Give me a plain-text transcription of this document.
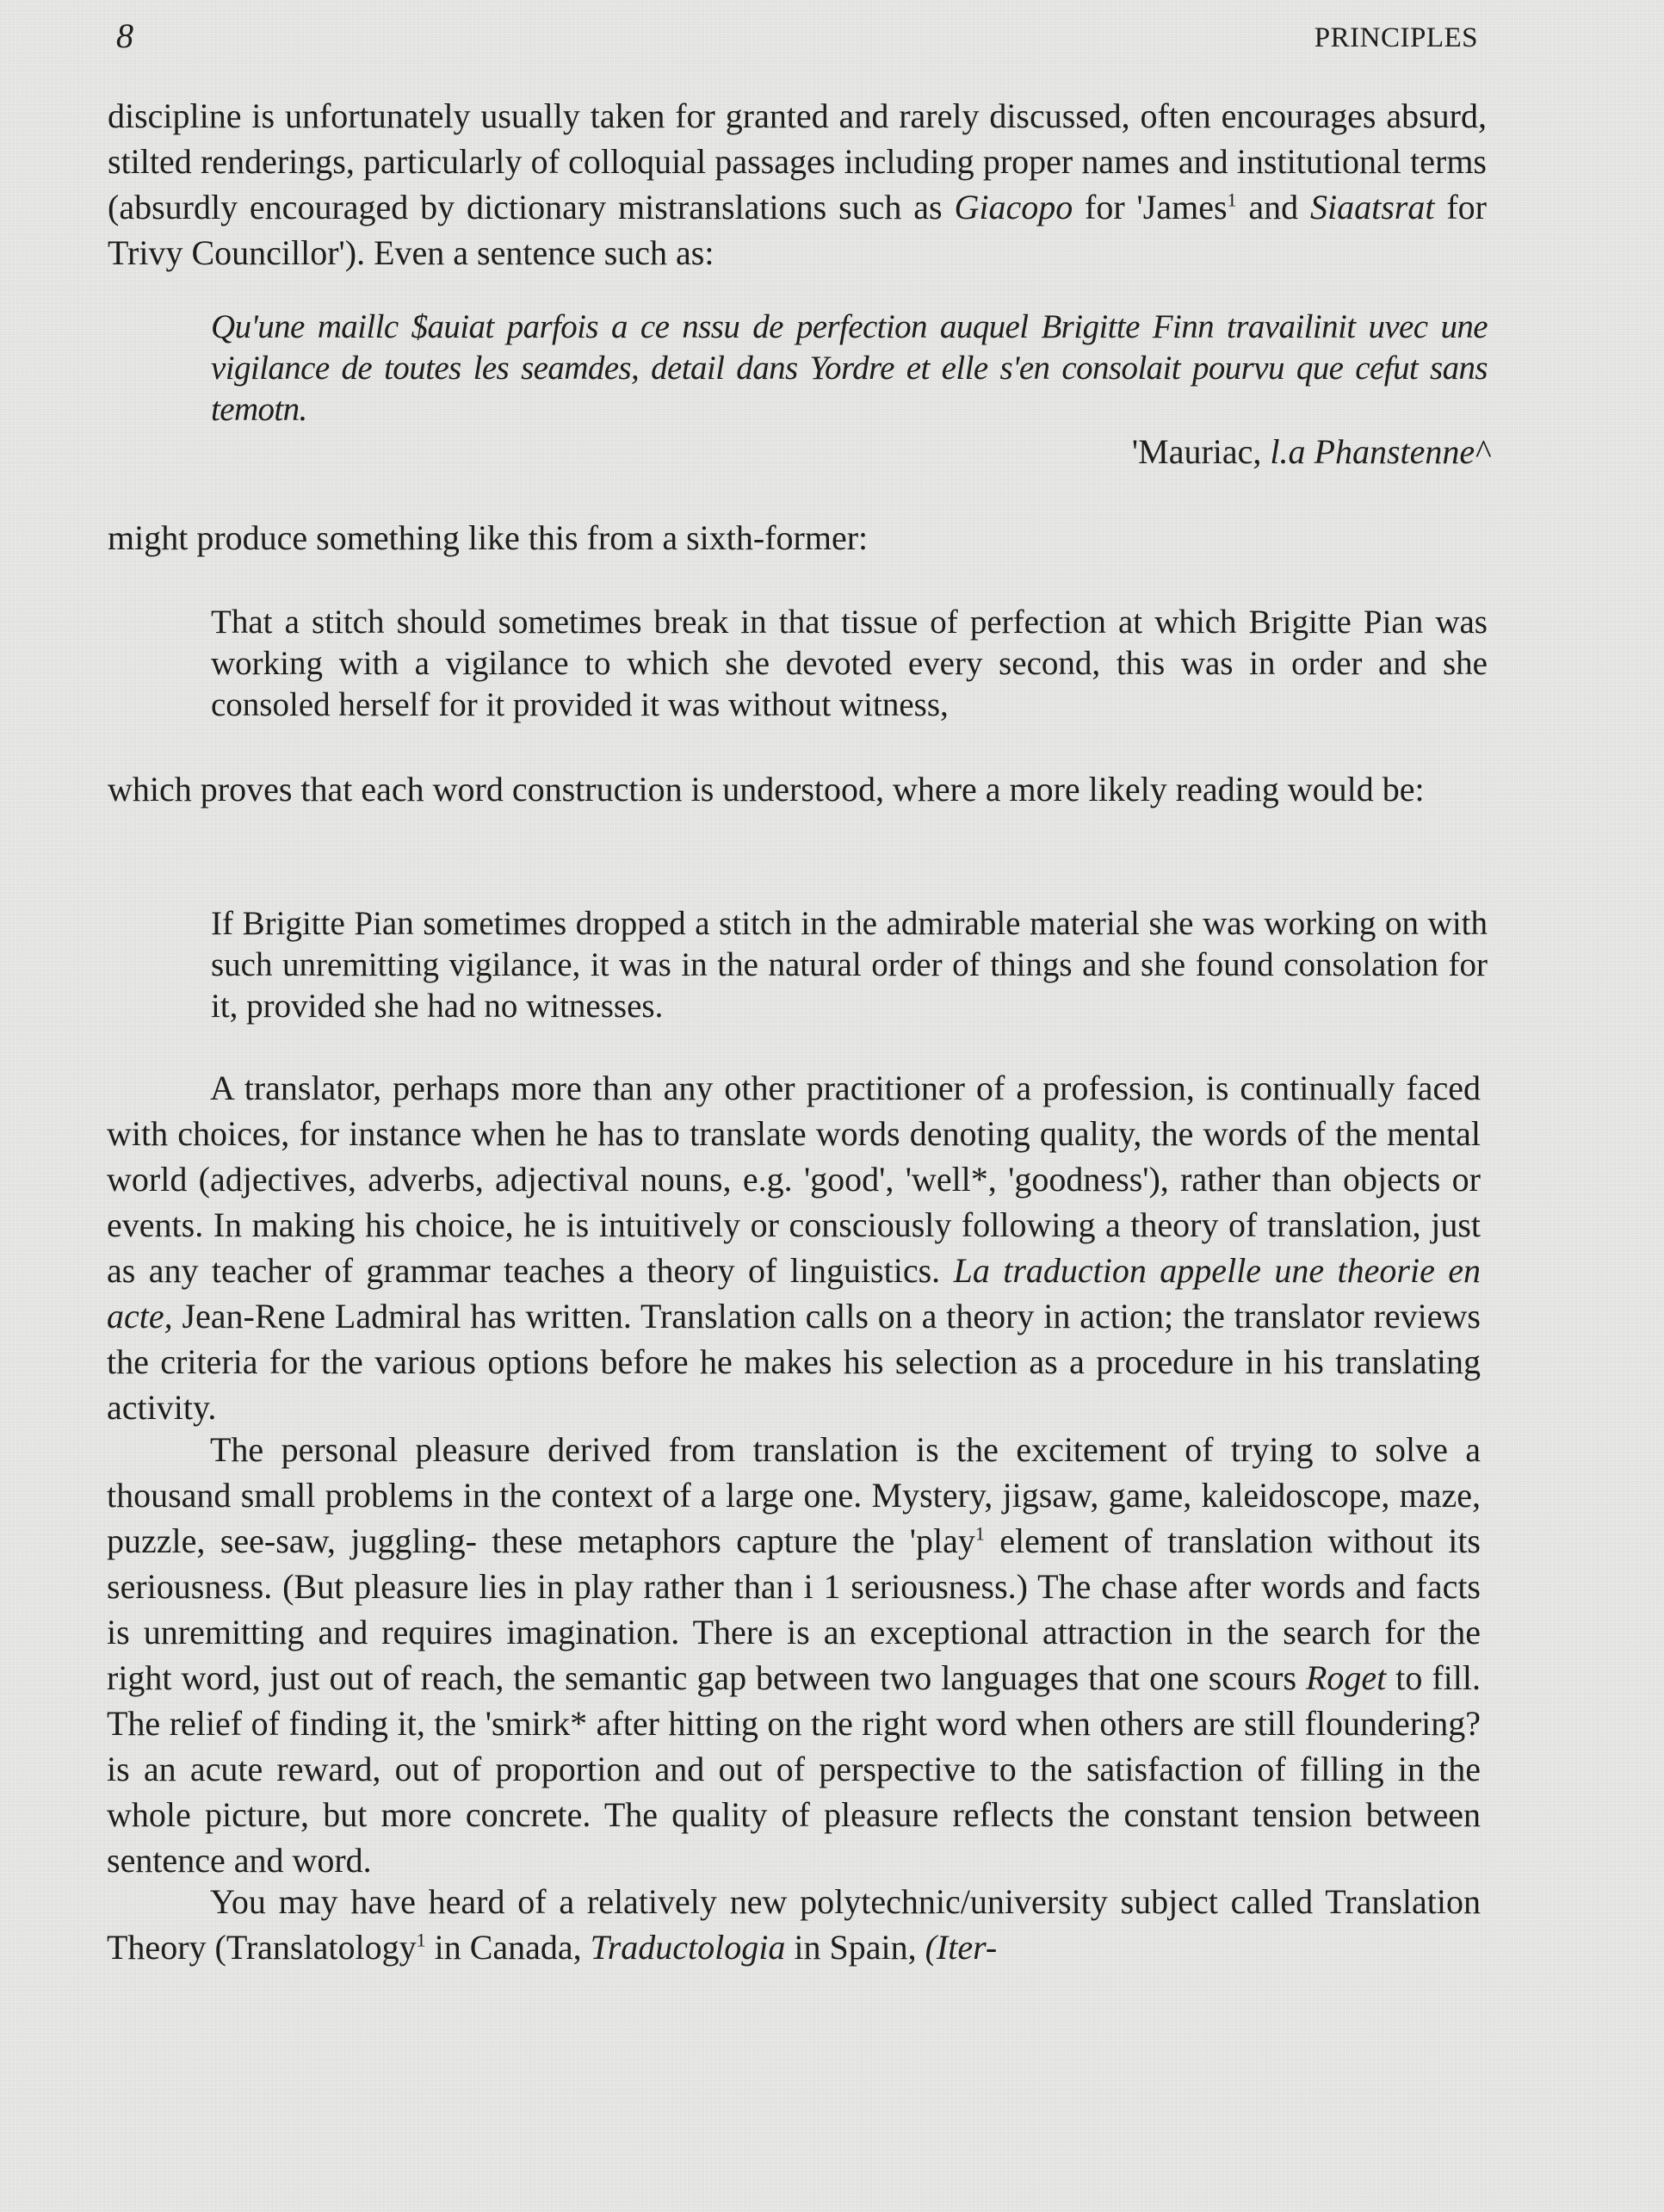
8	PRINCIPLES

discipline is unfortunately usually taken for granted and rarely discussed, often encourages absurd, stilted renderings, particularly of colloquial passages including proper names and institutional terms (absurdly encouraged by dictionary mistranslations such as Giacopo for 'James$^1$ and Siaatsrat for Trivy Councillor'). Even a sentence such as:

Qu'une maillc $auiat parfois a ce nssu de perfection auquel Brigitte Finn travailinit uvec une vigilance de toutes les seamdes, detail dans Yordre et elle s'en consolait pourvu que cefut sans temotn.

'Mauriac, l.a Phanstenne^

might produce something like this from a sixth-former:

That a stitch should sometimes break in that tissue of perfection at which Brigitte Pian was working with a vigilance to which she devoted every second, this was in order and she consoled herself for it provided it was without witness,

which proves that each word construction is understood, where a more likely reading would be:

If Brigitte Pian sometimes dropped a stitch in the admirable material she was working on with such unremitting vigilance, it was in the natural order of things and she found consolation for it, provided she had no witnesses.

A translator, perhaps more than any other practitioner of a profession, is continually faced with choices, for instance when he has to translate words denoting quality, the words of the mental world (adjectives, adverbs, adjectival nouns, e.g. 'good', 'well*, 'goodness'), rather than objects or events. In making his choice, he is intuitively or consciously following a theory of translation, just as any teacher of grammar teaches a theory of linguistics. La traduction appelle une theorie en acte, Jean-Rene Ladmiral has written. Translation calls on a theory in action; the translator reviews the criteria for the various options before he makes his selection as a procedure in his translating activity.

The personal pleasure derived from translation is the excitement of trying to solve a thousand small problems in the context of a large one. Mystery, jigsaw, game, kaleidoscope, maze, puzzle, see-saw, juggling- these metaphors capture the 'play$^1$ element of translation without its seriousness. (But pleasure lies in play rather than i 1 seriousness.) The chase after words and facts is unremitting and requires imagination. There is an exceptional attraction in the search for the right word, just out of reach, the semantic gap between two languages that one scours Roget to fill. The relief of finding it, the 'smirk* after hitting on the right word when others are still floundering? is an acute reward, out of proportion and out of perspective to the satisfaction of filling in the whole picture, but more concrete. The quality of pleasure reflects the constant tension between sentence and word.

You may have heard of a relatively new polytechnic/university subject called Translation Theory (Translatology$^1$ in Canada, Traductologia in Spain, (Iter-
